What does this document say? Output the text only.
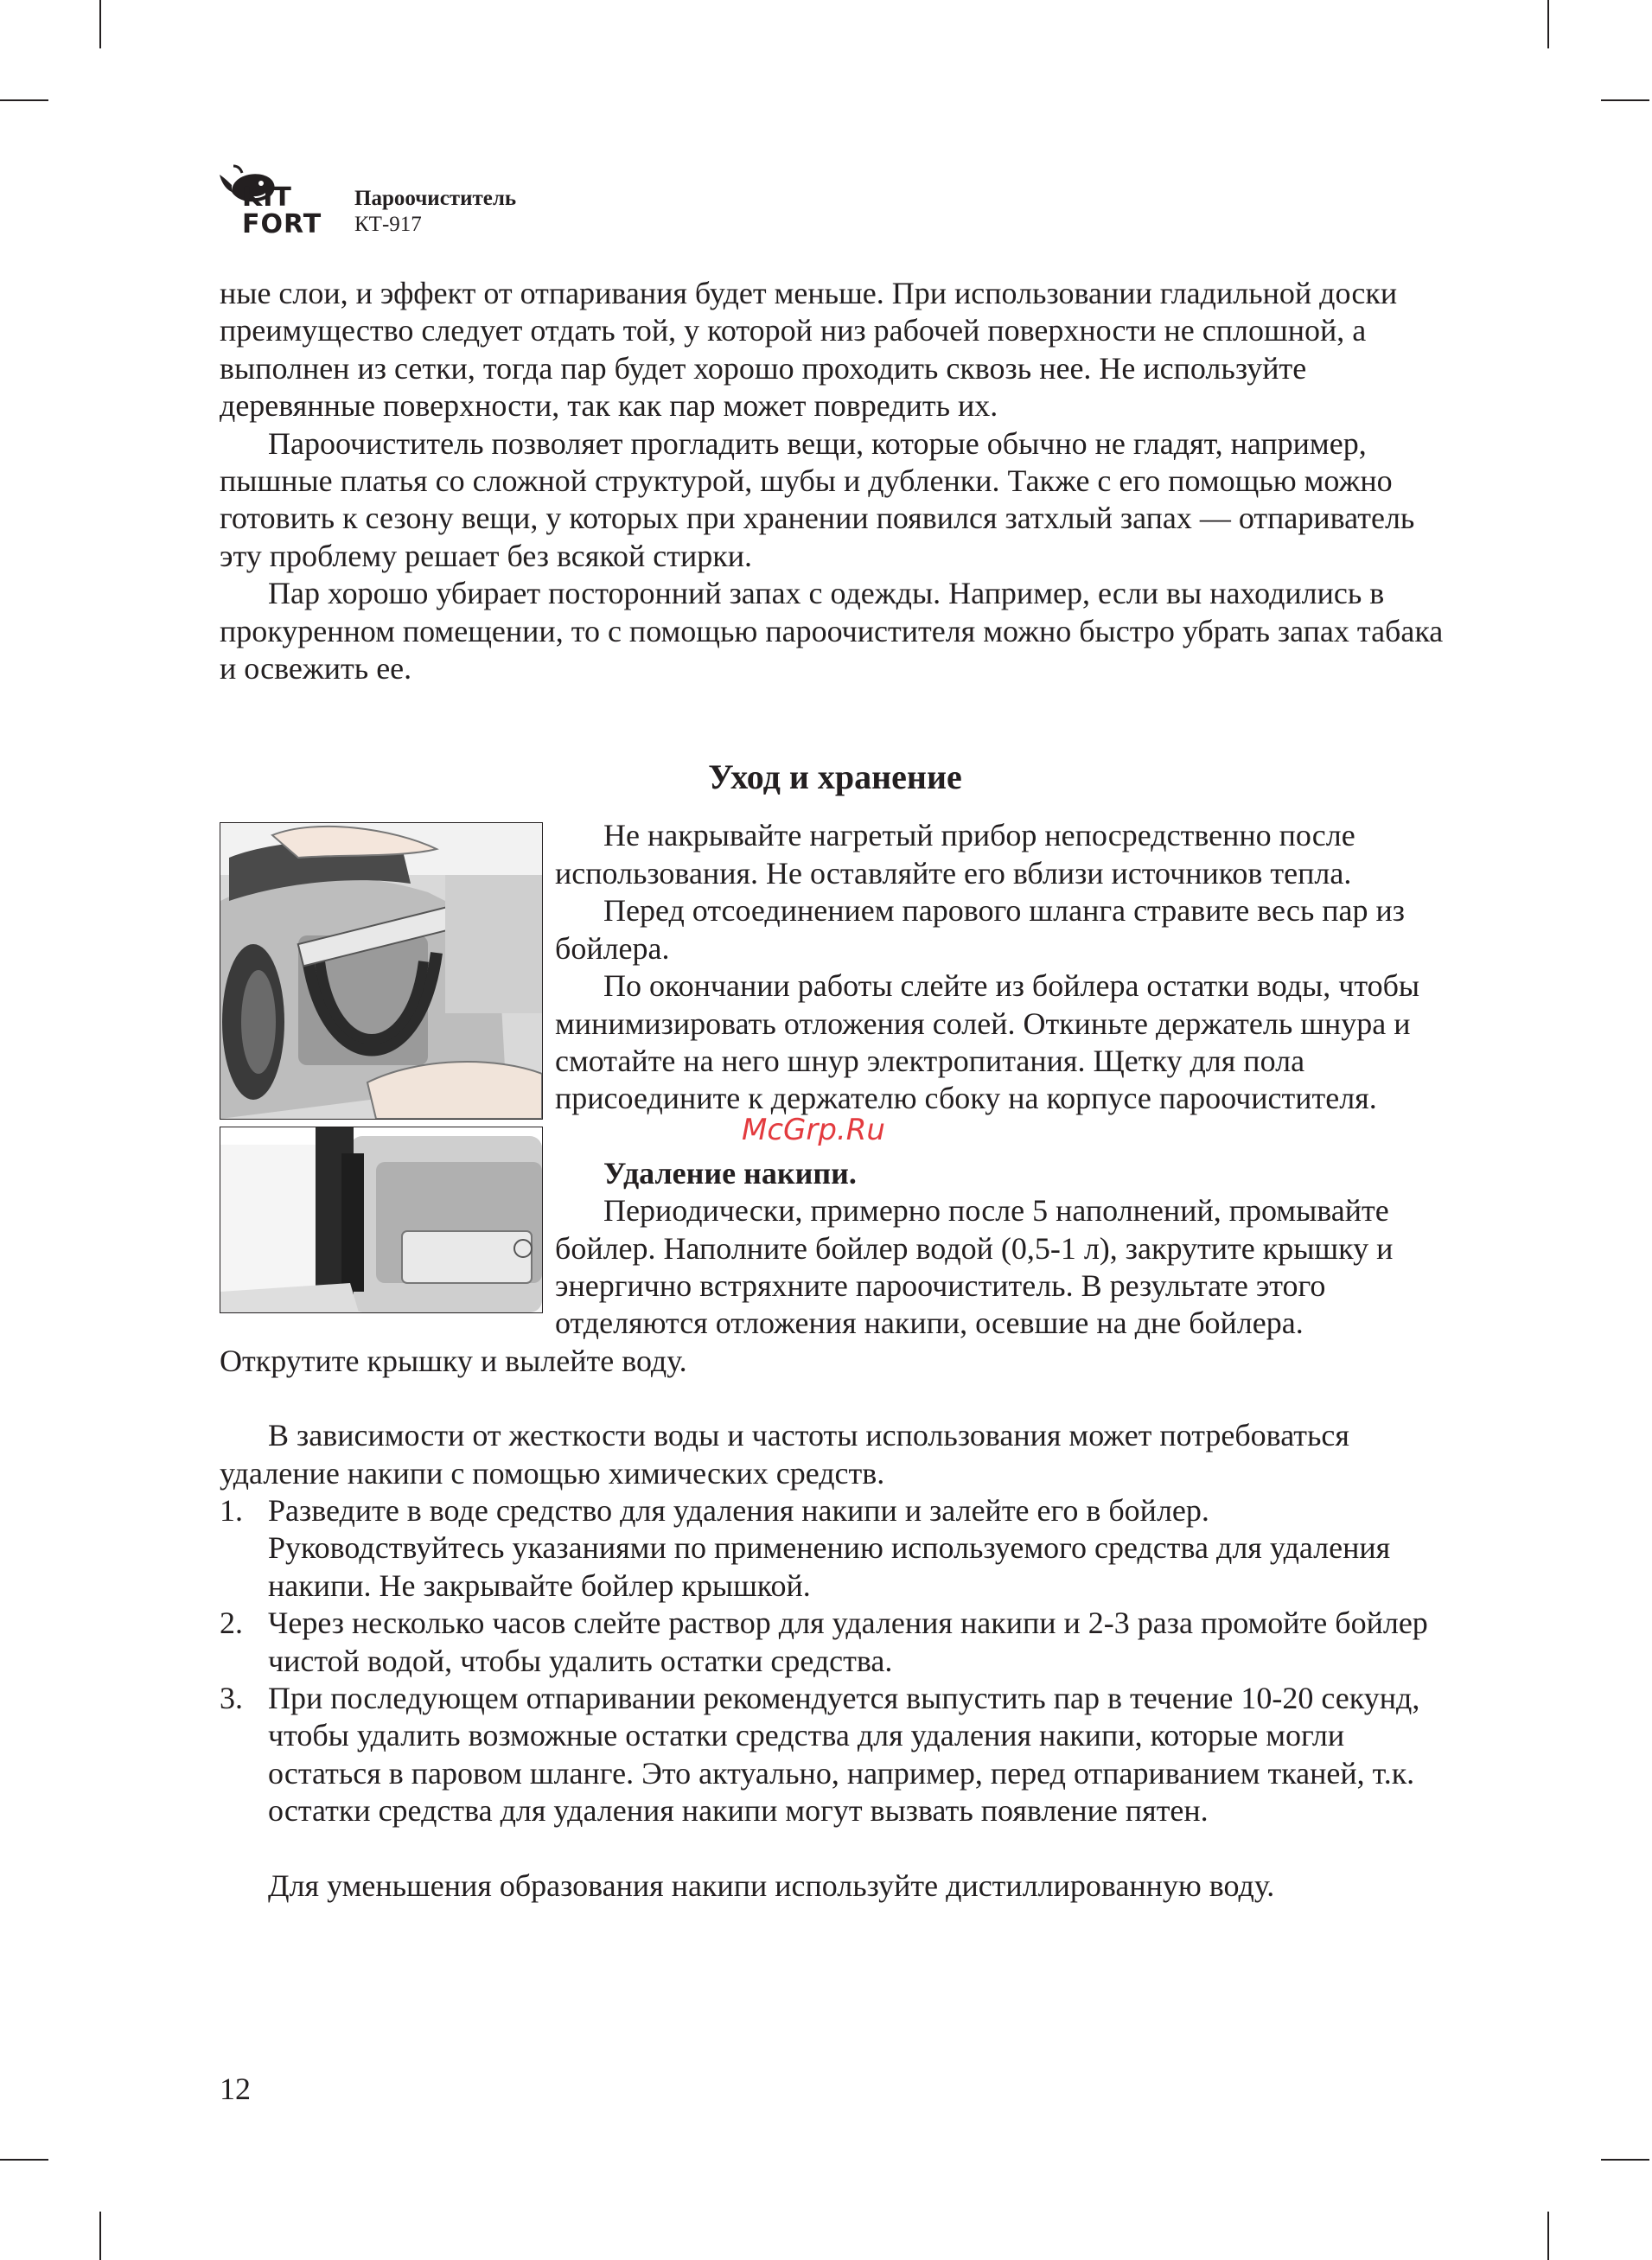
KIT
FORT
Пароочиститель
КТ-917

ные слои, и эффект от отпаривания будет меньше. При использовании гладильной доски преимущество следует отдать той, у которой низ рабочей поверхности не сплошной, а выполнен из сетки, тогда пар будет хорошо проходить сквозь нее. Не используйте деревянные поверхности, так как пар может повредить их.

Пароочиститель позволяет прогладить вещи, которые обычно не гладят, например, пышные платья со сложной структурой, шубы и дубленки. Также с его помощью можно готовить к сезону вещи, у которых при хранении появился затхлый запах — отпариватель эту проблему решает без всякой стирки.

Пар хорошо убирает посторонний запах с одежды. Например, если вы находились в прокуренном помещении, то с помощью пароочистителя можно быстро убрать запах табака и освежить ее.

Уход и хранение

Не накрывайте нагретый прибор непосредственно после использования. Не оставляйте его вблизи источников тепла.

Перед отсоединением парового шланга стравите весь пар из бойлера.

По окончании работы слейте из бойлера остатки воды, чтобы минимизировать отложения солей. Откиньте держатель шнура и смотайте на него шнур электропитания. Щетку для пола присоедините к держателю сбоку на корпусе пароочистителя.

Удаление накипи.

Периодически, примерно после 5 наполнений, промывайте бойлер. Наполните бойлер водой (0,5-1 л), закрутите крышку и энергично встряхните пароочиститель. В результате этого отделяются отложения накипи, осевшие на дне бойлера. Открутите крышку и вылейте воду.

В зависимости от жесткости воды и частоты использования может потребоваться удаление накипи с помощью химических средств.

1. Разведите в воде средство для удаления накипи и залейте его в бойлер. Руководствуйтесь указаниями по применению используемого средства для удаления накипи. Не закрывайте бойлер крышкой.
2. Через несколько часов слейте раствор для удаления накипи и 2-3 раза промойте бойлер чистой водой, чтобы удалить остатки средства.
3. При последующем отпаривании рекомендуется выпустить пар в течение 10-20 секунд, чтобы удалить возможные остатки средства для удаления накипи, которые могли остаться в паровом шланге. Это актуально, например, перед отпариванием тканей, т.к. остатки средства для удаления накипи могут вызвать появление пятен.

Для уменьшения образования накипи используйте дистиллированную воду.

McGrp.Ru
12
